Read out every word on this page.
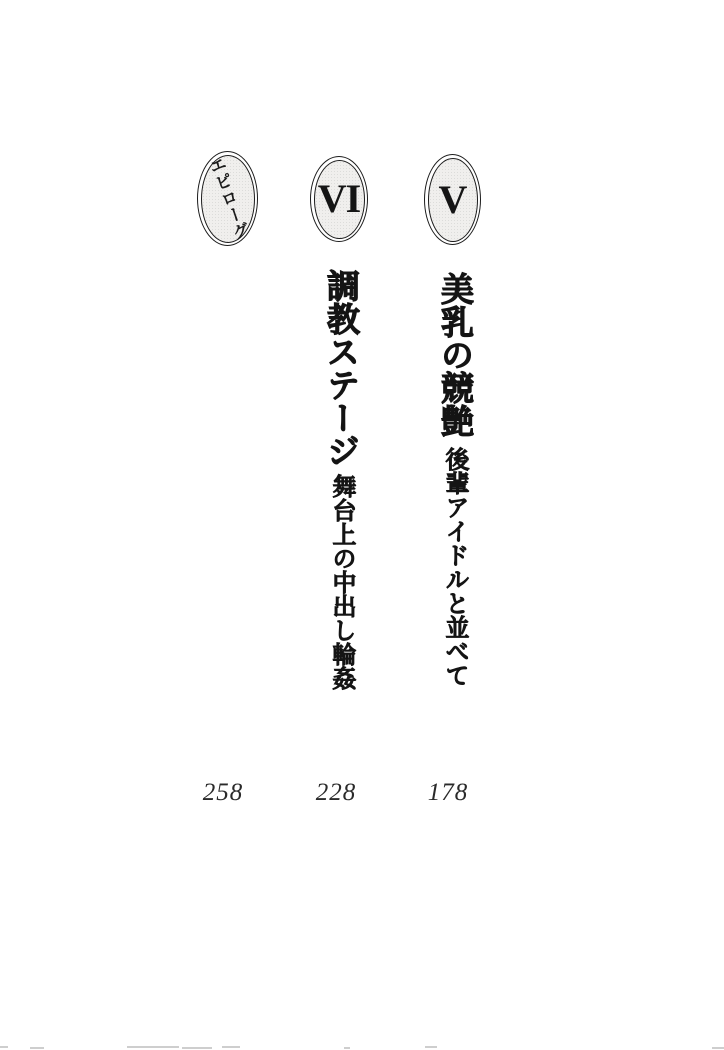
V
美乳の競艶
後輩アイドルと並べて
178
VI
調教ステージ
舞台上の中出し輪姦
228
エピローグ
258
